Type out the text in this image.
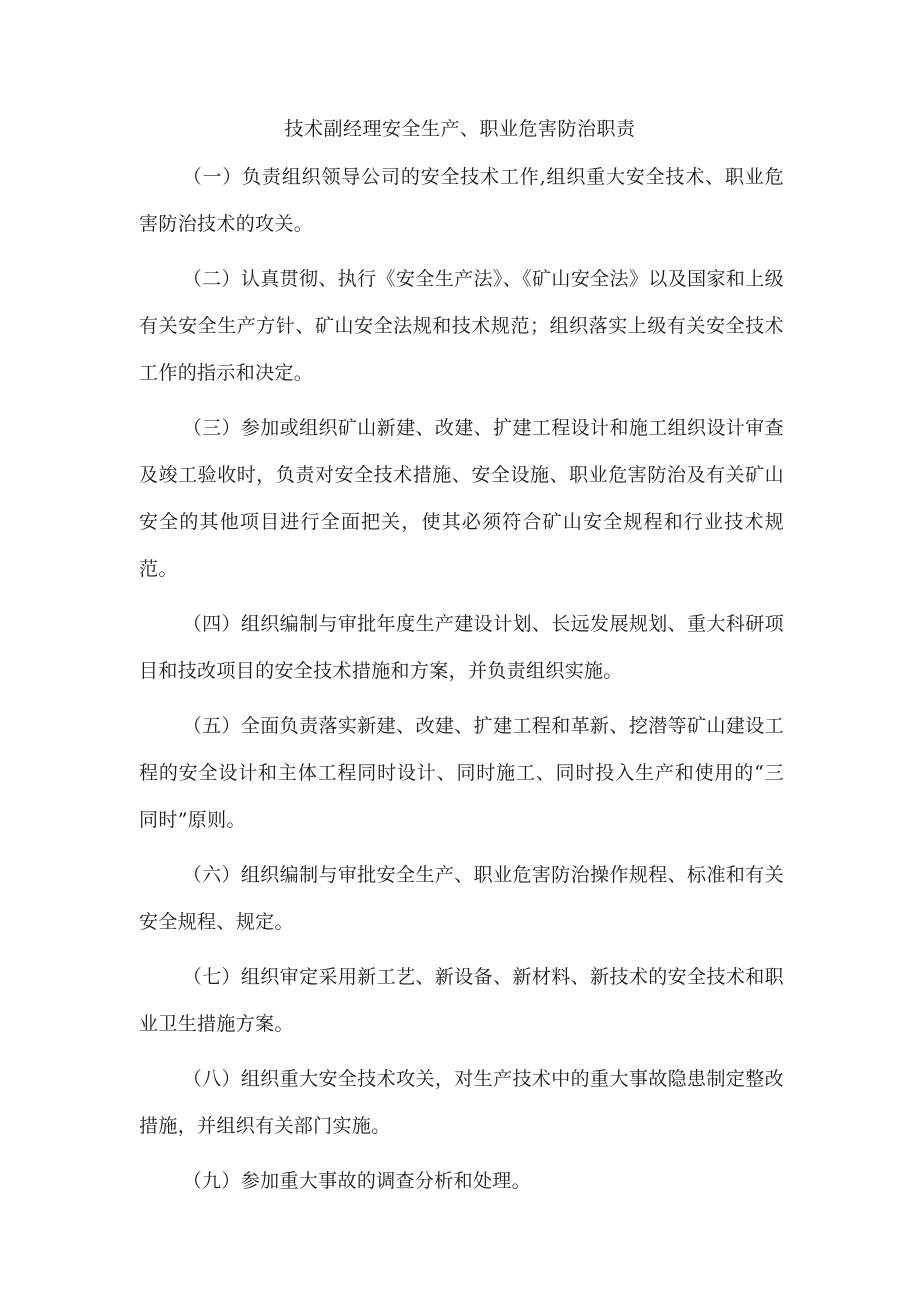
技术副经理安全生产、职业危害防治职责

（一）负责组织领导公司的安全技术工作,组织重大安全技术、职业危害防治技术的攻关。

（二）认真贯彻、执行《安全生产法》、《矿山安全法》以及国家和上级有关安全生产方针、矿山安全法规和技术规范；组织落实上级有关安全技术工作的指示和决定。

（三）参加或组织矿山新建、改建、扩建工程设计和施工组织设计审查及竣工验收时，负责对安全技术措施、安全设施、职业危害防治及有关矿山安全的其他项目进行全面把关，使其必须符合矿山安全规程和行业技术规范。

（四）组织编制与审批年度生产建设计划、长远发展规划、重大科研项目和技改项目的安全技术措施和方案，并负责组织实施。

（五）全面负责落实新建、改建、扩建工程和革新、挖潜等矿山建设工程的安全设计和主体工程同时设计、同时施工、同时投入生产和使用的“三同时”原则。

（六）组织编制与审批安全生产、职业危害防治操作规程、标准和有关安全规程、规定。

（七）组织审定采用新工艺、新设备、新材料、新技术的安全技术和职业卫生措施方案。

（八）组织重大安全技术攻关，对生产技术中的重大事故隐患制定整改措施，并组织有关部门实施。

（九）参加重大事故的调查分析和处理。
